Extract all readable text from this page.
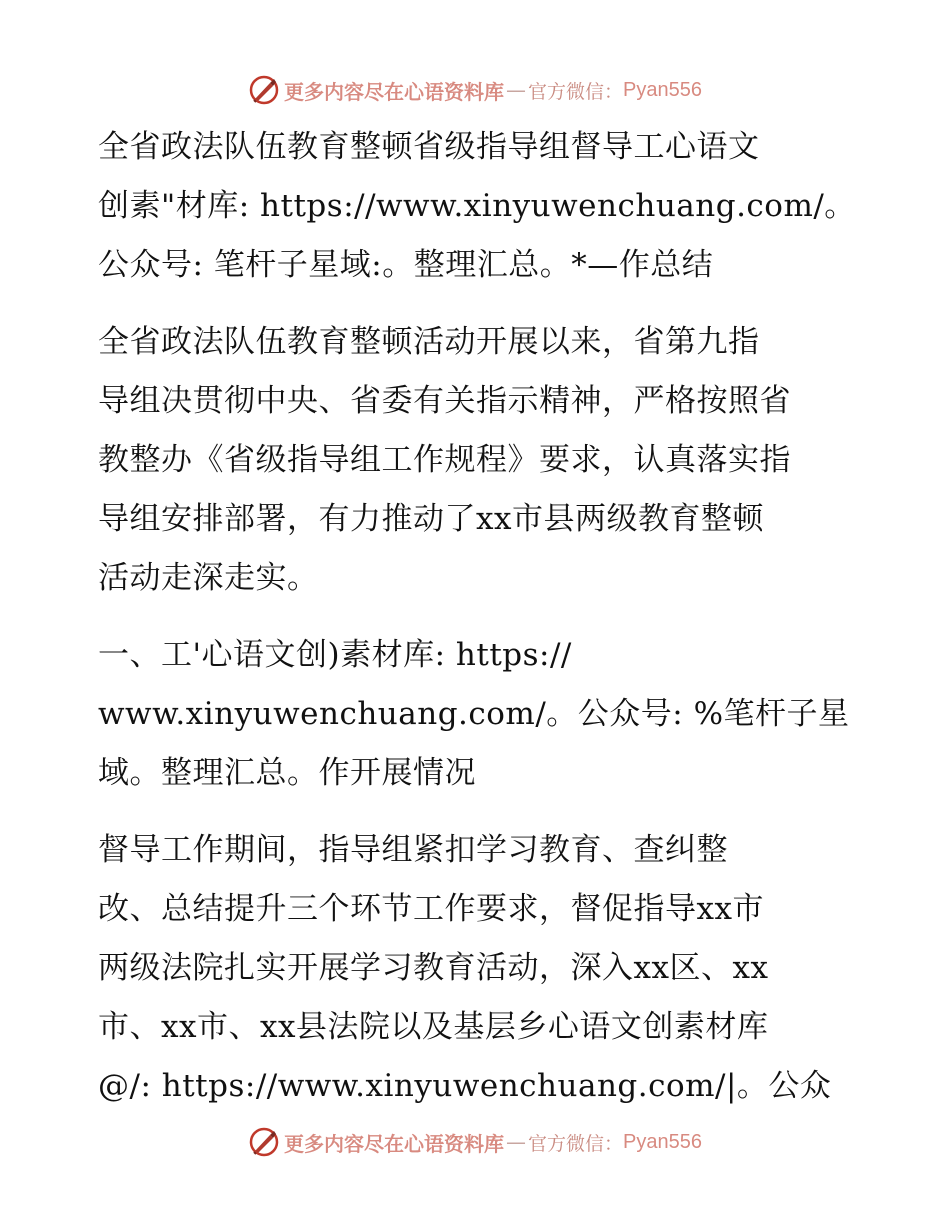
更多内容尽在心语资料库 — 官方微信： Pyan556
全省政法队伍教育整顿省级指导组督导工心语文
创素"材库: https://www.xinyuwenchuang.com/。
公众号: 笔杆子星域:。整理汇总。*—作总结
全省政法队伍教育整顿活动开展以来，省第九指
导组决贯彻中央、省委有关指示精神，严格按照省
教整办《省级指导组工作规程》要求，认真落实指
导组安排部署，有力推动了xx市县两级教育整顿
活动走深走实。
一、工'心语文创)素材库: https://
www.xinyuwenchuang.com/。公众号: %笔杆子星
域。整理汇总。作开展情况
督导工作期间，指导组紧扣学习教育、查纠整
改、总结提升三个环节工作要求，督促指导xx市
两级法院扎实开展学习教育活动，深入xx区、xx
市、xx市、xx县法院以及基层乡心语文创素材库
@/: https://www.xinyuwenchuang.com/|。公众
更多内容尽在心语资料库 — 官方微信： Pyan556
